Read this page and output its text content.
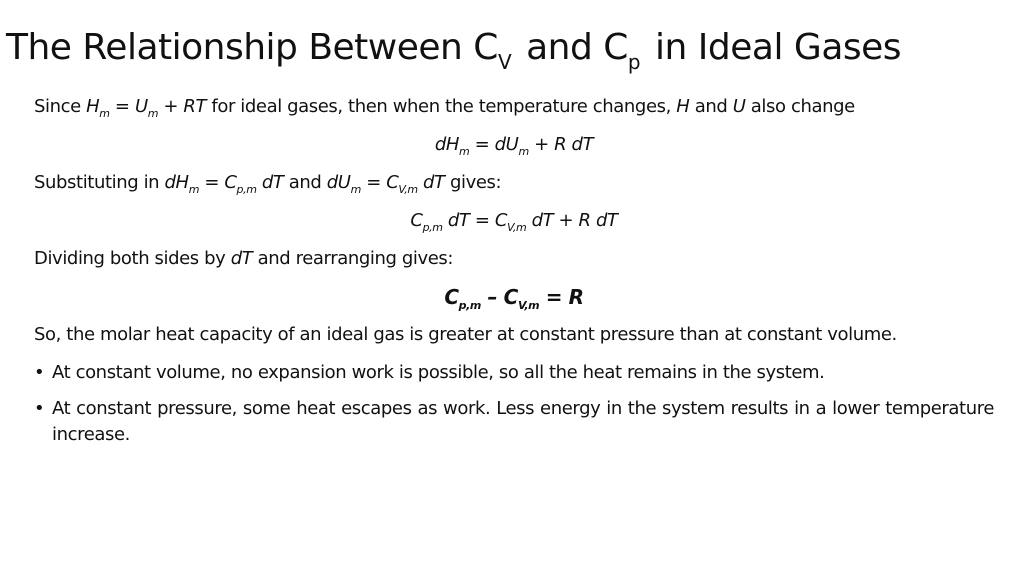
The Relationship Between $C_V$ and $C_p$ in Ideal Gases
Since $H_m = U_m$ + RT for ideal gases, then when the temperature changes, H and U also change
$dH_m = dU_m + R$ dT
Substituting in $dH_m = C_{p,m}$ dT and $dU_m = C_{V,m}$ dT gives:
$C_{p,m}$ dT = $C_{V,m}$ dT + R dT
Dividing both sides by dT and rearranging gives:
$C_{p,m} - C_{V,m} = R$
So, the molar heat capacity of an ideal gas is greater at constant pressure than at constant volume.
• At constant volume, no expansion work is possible, so all the heat remains in the system.
• At constant pressure, some heat escapes as work. Less energy in the system results in a lower temperature increase.
